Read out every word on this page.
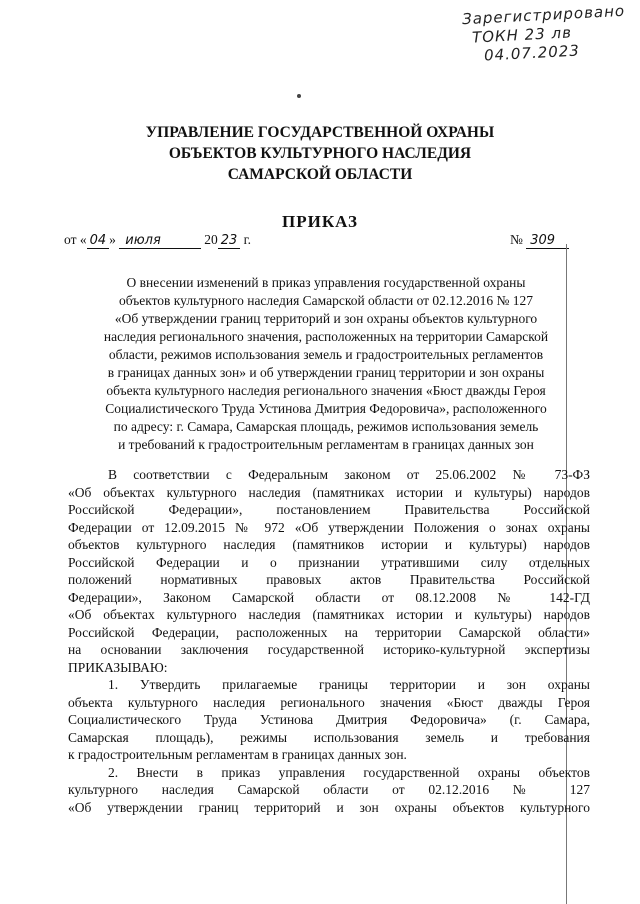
Зарегистрировано
ТОКН 23 лв
04.07.2023
УПРАВЛЕНИЕ ГОСУДАРСТВЕННОЙ ОХРАНЫ
ОБЪЕКТОВ КУЛЬТУРНОГО НАСЛЕДИЯ
САМАРСКОЙ ОБЛАСТИ
ПРИКАЗ
от « 04 » июля	20 23 г.	№ 309
О внесении изменений в приказ управления государственной охраны
объектов культурного наследия Самарской области от 02.12.2016 № 127
«Об утверждении границ территорий и зон охраны объектов культурного
наследия регионального значения, расположенных на территории Самарской
области, режимов использования земель и градостроительных регламентов
в границах данных зон» и об утверждении границ территории и зон охраны
объекта культурного наследия регионального значения «Бюст дважды Героя
Социалистического Труда Устинова Дмитрия Федоровича», расположенного
по адресу: г. Самара, Самарская площадь, режимов использования земель
и требований к градостроительным регламентам в границах данных зон
В соответствии с Федеральным законом от 25.06.2002 № 73-ФЗ
«Об объектах культурного наследия (памятниках истории и культуры) народов
Российской Федерации», постановлением Правительства Российской
Федерации от 12.09.2015 № 972 «Об утверждении Положения о зонах охраны
объектов культурного наследия (памятников истории и культуры) народов
Российской Федерации и о признании утратившими силу отдельных
положений нормативных правовых актов Правительства Российской
Федерации», Законом Самарской области от 08.12.2008 № 142-ГД
«Об объектах культурного наследия (памятниках истории и культуры) народов
Российской Федерации, расположенных на территории Самарской области»
на основании заключения государственной историко-культурной экспертизы
ПРИКАЗЫВАЮ:
1. Утвердить прилагаемые границы территории и зон охраны
объекта культурного наследия регионального значения «Бюст дважды Героя
Социалистического Труда Устинова Дмитрия Федоровича» (г. Самара,
Самарская площадь), режимы использования земель и требования
к градостроительным регламентам в границах данных зон.
2. Внести в приказ управления государственной охраны объектов
культурного наследия Самарской области от 02.12.2016 № 127
«Об утверждении границ территорий и зон охраны объектов культурного
